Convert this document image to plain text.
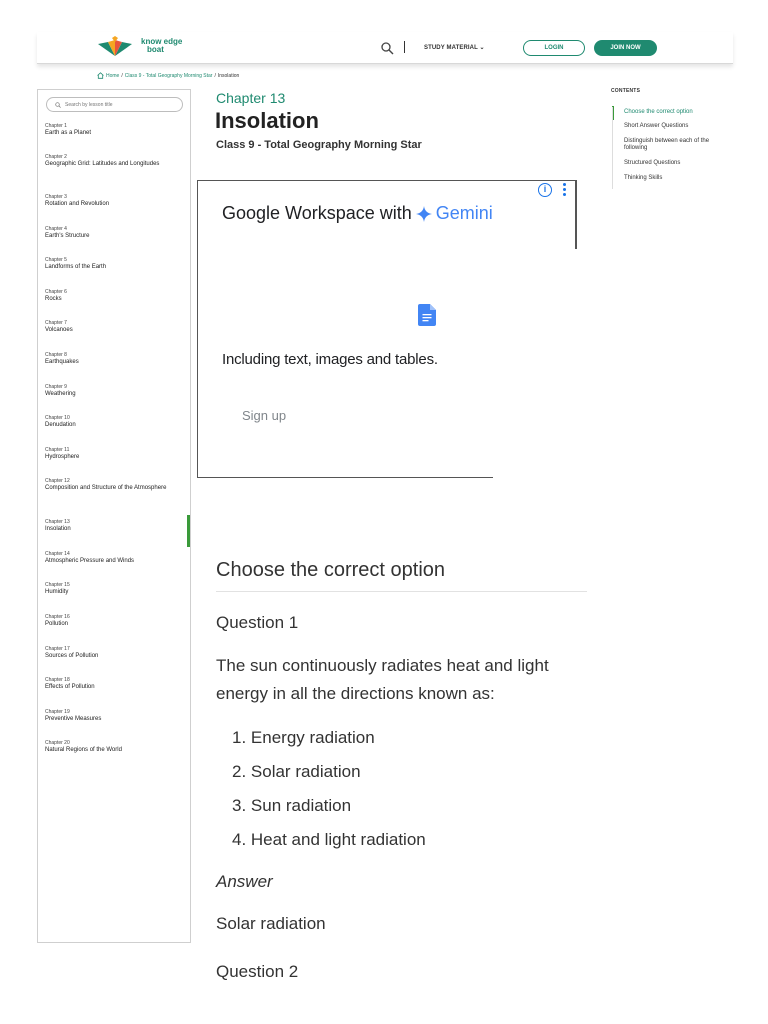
know edge
boat	STUDY MATERIAL ⌄	LOGIN	JOIN NOW
Home / Class 9 - Total Geography Morning Star / Insolation
Search by lesson title
Chapter 1
Earth as a Planet
Chapter 2
Geographic Grid: Latitudes and Longitudes
Chapter 3
Rotation and Revolution
Chapter 4
Earth's Structure
Chapter 5
Landforms of the Earth
Chapter 6
Rocks
Chapter 7
Volcanoes
Chapter 8
Earthquakes
Chapter 9
Weathering
Chapter 10
Denudation
Chapter 11
Hydrosphere
Chapter 12
Composition and Structure of the Atmosphere
Chapter 13
Insolation
Chapter 14
Atmospheric Pressure and Winds
Chapter 15
Humidity
Chapter 16
Pollution
Chapter 17
Sources of Pollution
Chapter 18
Effects of Pollution
Chapter 19
Preventive Measures
Chapter 20
Natural Regions of the World
Chapter 13
Insolation
Class 9 - Total Geography Morning Star
i
Google Workspace with Gemini
Including text, images and tables.
Sign up
Choose the correct option
Question 1
The sun continuously radiates heat and light energy in all the directions known as:
1. Energy radiation
2. Solar radiation
3. Sun radiation
4. Heat and light radiation
Answer
Solar radiation
Question 2
CONTENTS
Choose the correct option
Short Answer Questions
Distinguish between each of the following
Structured Questions
Thinking Skills
